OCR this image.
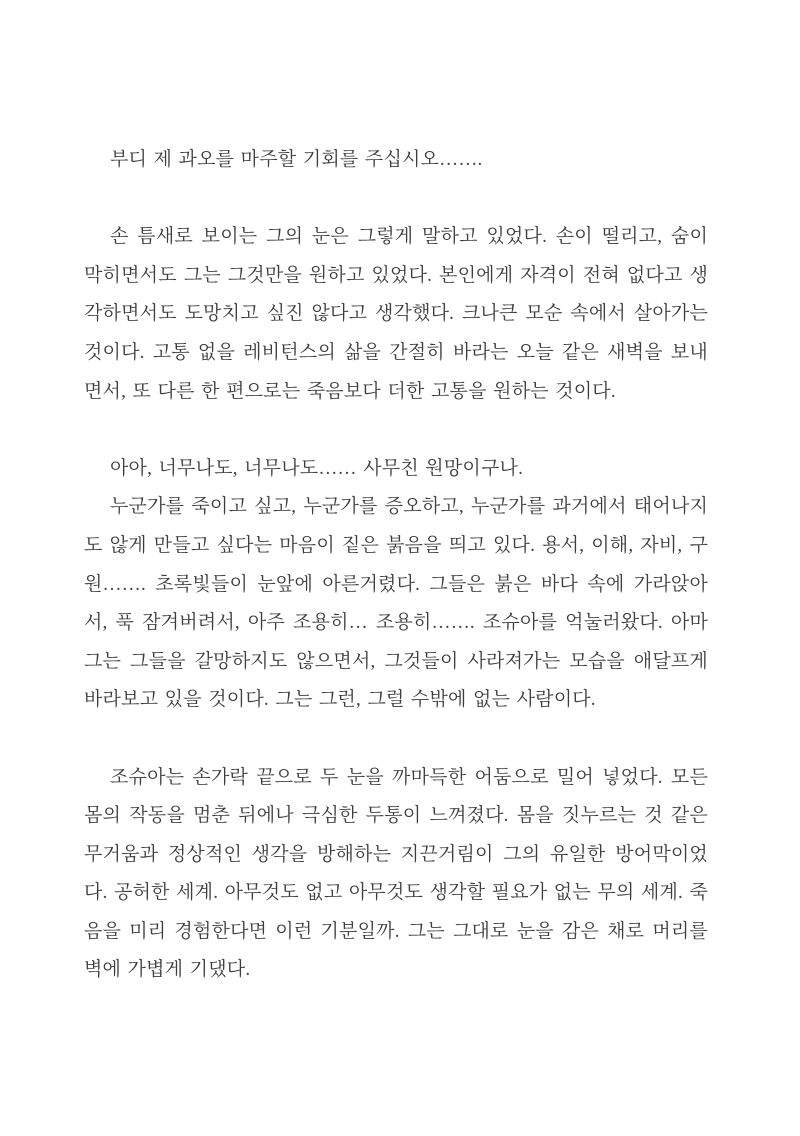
부디 제 과오를 마주할 기회를 주십시오…….

손 틈새로 보이는 그의 눈은 그렇게 말하고 있었다. 손이 떨리고, 숨이 막히면서도 그는 그것만을 원하고 있었다. 본인에게 자격이 전혀 없다고 생각하면서도 도망치고 싶진 않다고 생각했다. 크나큰 모순 속에서 살아가는 것이다. 고통 없을 레비턴스의 삶을 간절히 바라는 오늘 같은 새벽을 보내면서, 또 다른 한 편으로는 죽음보다 더한 고통을 원하는 것이다.

아아, 너무나도, 너무나도…… 사무친 원망이구나.

누군가를 죽이고 싶고, 누군가를 증오하고, 누군가를 과거에서 태어나지도 않게 만들고 싶다는 마음이 짙은 붉음을 띄고 있다. 용서, 이해, 자비, 구원……. 초록빛들이 눈앞에 아른거렸다. 그들은 붉은 바다 속에 가라앉아서, 푹 잠겨버려서, 아주 조용히… 조용히……. 조슈아를 억눌러왔다. 아마 그는 그들을 갈망하지도 않으면서, 그것들이 사라져가는 모습을 애달프게 바라보고 있을 것이다. 그는 그런, 그럴 수밖에 없는 사람이다.

조슈아는 손가락 끝으로 두 눈을 까마득한 어둠으로 밀어 넣었다. 모든 몸의 작동을 멈춘 뒤에나 극심한 두통이 느껴졌다. 몸을 짓누르는 것 같은 무거움과 정상적인 생각을 방해하는 지끈거림이 그의 유일한 방어막이었다. 공허한 세계. 아무것도 없고 아무것도 생각할 필요가 없는 무의 세계. 죽음을 미리 경험한다면 이런 기분일까. 그는 그대로 눈을 감은 채로 머리를 벽에 가볍게 기댔다.
